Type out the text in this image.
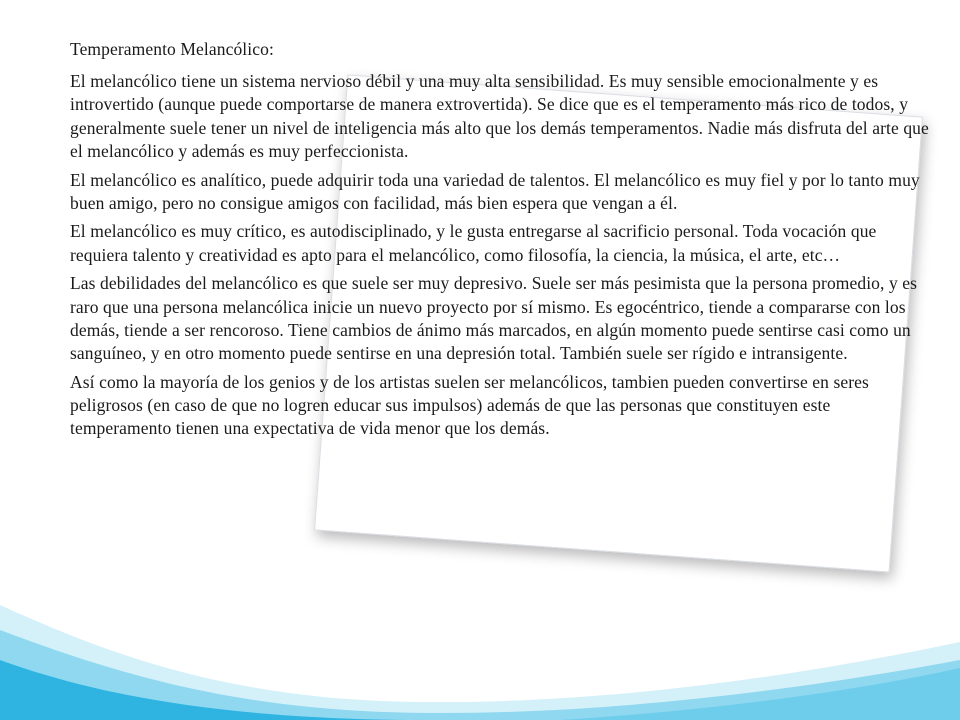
Temperamento Melancólico:

El melancólico tiene un sistema nervioso débil y una muy alta sensibilidad. Es muy sensible emocionalmente y es introvertido (aunque puede comportarse de manera extrovertida). Se dice que es el temperamento más rico de todos, y generalmente suele tener un nivel de inteligencia más alto que los demás temperamentos. Nadie más disfruta del arte que el melancólico y además es muy perfeccionista.

El melancólico es analítico, puede adquirir toda una variedad de talentos. El melancólico es muy fiel y por lo tanto muy buen amigo, pero no consigue amigos con facilidad, más bien espera que vengan a él.

El melancólico es muy crítico, es autodisciplinado, y le gusta entregarse al sacrificio personal. Toda vocación que requiera talento y creatividad es apto para el melancólico, como filosofía, la ciencia, la música, el arte, etc…

Las debilidades del melancólico es que suele ser muy depresivo. Suele ser más pesimista que la persona promedio, y es raro que una persona melancólica inicie un nuevo proyecto por sí mismo. Es egocéntrico, tiende a compararse con los demás, tiende a ser rencoroso. Tiene cambios de ánimo más marcados, en algún momento puede sentirse casi como un sanguíneo, y en otro momento puede sentirse en una depresión total. También suele ser rígido e intransigente.

Así como la mayoría de los genios y de los artistas suelen ser melancólicos, tambien pueden convertirse en seres peligrosos (en caso de que no logren educar sus impulsos) además de que las personas que constituyen este temperamento tienen una expectativa de vida menor que los demás.
